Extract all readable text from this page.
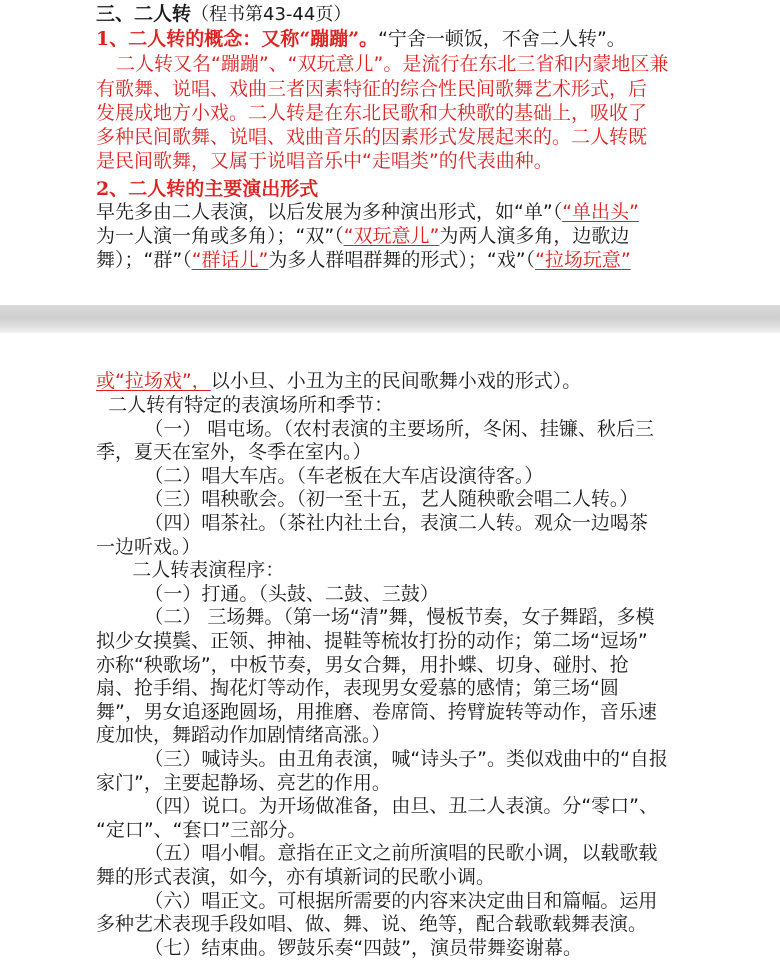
三、二人转（程书第43-44页）
1、二人转的概念：又称“蹦蹦”。“宁舍一顿饭，不舍二人转”。
二人转又名“蹦蹦”、“双玩意儿”。是流行在东北三省和内蒙地区兼
有歌舞、说唱、戏曲三者因素特征的综合性民间歌舞艺术形式，后
发展成地方小戏。二人转是在东北民歌和大秧歌的基础上，吸收了
多种民间歌舞、说唱、戏曲音乐的因素形式发展起来的。二人转既
是民间歌舞，又属于说唱音乐中“走唱类”的代表曲种。
2、二人转的主要演出形式
早先多由二人表演，以后发展为多种演出形式，如“单”（“单出头”
为一人演一角或多角）；“双”（“双玩意儿”为两人演多角，边歌边
舞）；“群”（“群话儿”为多人群唱群舞的形式）；“戏”（“拉场玩意”
或“拉场戏”，以小旦、小丑为主的民间歌舞小戏的形式）。
二人转有特定的表演场所和季节：
（一） 唱屯场。（农村表演的主要场所，冬闲、挂镰、秋后三
季，夏天在室外，冬季在室内。）
（二）唱大车店。（车老板在大车店设演待客。）
（三）唱秧歌会。（初一至十五，艺人随秧歌会唱二人转。）
（四）唱茶社。（茶社内社土台，表演二人转。观众一边喝茶
一边听戏。）
二人转表演程序：
（一）打通。（头鼓、二鼓、三鼓）
（二） 三场舞。（第一场“清”舞，慢板节奏，女子舞蹈，多模
拟少女摸鬓、正领、抻袖、提鞋等梳妆打扮的动作；第二场“逗场”
亦称“秧歌场”，中板节奏，男女合舞，用扑蝶、切身、碰肘、抢
扇、抢手绢、掏花灯等动作，表现男女爱慕的感情；第三场“圆
舞”，男女追逐跑圆场，用推磨、卷席筒、挎臂旋转等动作，音乐速
度加快，舞蹈动作加剧情绪高涨。）
（三）喊诗头。由丑角表演，喊“诗头子”。类似戏曲中的“自报
家门”，主要起静场、亮艺的作用。
（四）说口。为开场做准备，由旦、丑二人表演。分“零口”、
“定口”、“套口”三部分。
（五）唱小帽。意指在正文之前所演唱的民歌小调，以载歌载
舞的形式表演，如今，亦有填新词的民歌小调。
（六）唱正文。可根据所需要的内容来决定曲目和篇幅。运用
多种艺术表现手段如唱、做、舞、说、绝等，配合载歌载舞表演。
（七）结束曲。锣鼓乐奏“四鼓”，演员带舞姿谢幕。
